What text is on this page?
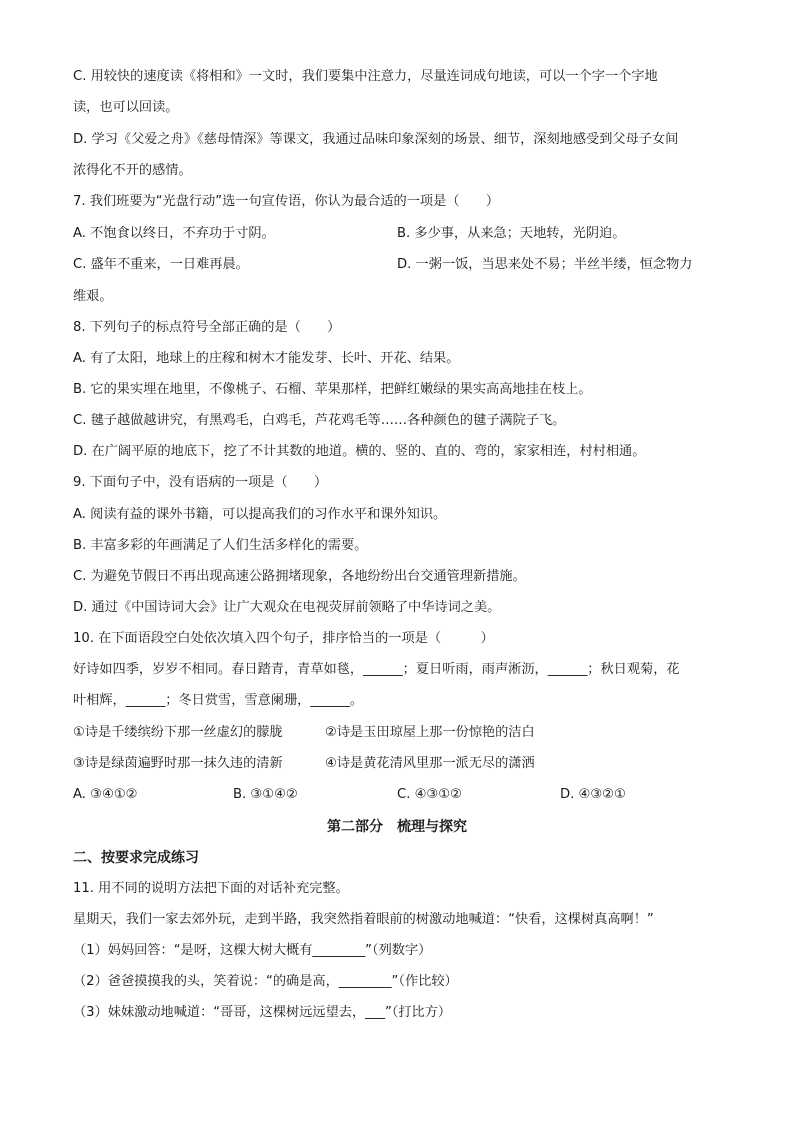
C. 用较快的速度读《将相和》一文时，我们要集中注意力，尽量连词成句地读，可以一个字一个字地
读，也可以回读。
D. 学习《父爱之舟》《慈母情深》等课文，我通过品味印象深刻的场景、细节，深刻地感受到父母子女间
浓得化不开的感情。
7. 我们班要为“光盘行动”选一句宣传语，你认为最合适的一项是（　　）
A. 不饱食以终日，不弃功于寸阴。	B. 多少事，从来急；天地转，光阴迫。
C. 盛年不重来，一日难再晨。	D. 一粥一饭，当思来处不易；半丝半缕，恒念物力
维艰。
8. 下列句子的标点符号全部正确的是（　　）
A. 有了太阳，地球上的庄稼和树木才能发芽、长叶、开花、结果。
B. 它的果实埋在地里，不像桃子、石榴、苹果那样，把鲜红嫩绿的果实高高地挂在枝上。
C. 毽子越做越讲究，有黑鸡毛，白鸡毛，芦花鸡毛等……各种颜色的毽子满院子飞。
D. 在广阔平原的地底下，挖了不计其数的地道。横的、竖的、直的、弯的，家家相连，村村相通。
9. 下面句子中，没有语病的一项是（　　）
A. 阅读有益的课外书籍，可以提高我们的习作水平和课外知识。
B. 丰富多彩的年画满足了人们生活多样化的需要。
C. 为避免节假日不再出现高速公路拥堵现象，各地纷纷出台交通管理新措施。
D. 通过《中国诗词大会》让广大观众在电视荧屏前领略了中华诗词之美。
10. 在下面语段空白处依次填入四个句子，排序恰当的一项是（　　　）
好诗如四季，岁岁不相同。春日踏青，青草如毯，______；夏日听雨，雨声淅沥，______；秋日观菊，花
叶相辉，______；冬日赏雪，雪意阑珊，______。
①诗是千缕缤纷下那一丝虚幻的朦胧	②诗是玉田琼屋上那一份惊艳的洁白
③诗是绿茵遍野时那一抹久违的清新	④诗是黄花清风里那一派无尽的潇洒
A. ③④①②	B. ③①④②	C. ④③①②	D. ④③②①
第二部分　梳理与探究
二、按要求完成练习
11. 用不同的说明方法把下面的对话补充完整。
星期天，我们一家去郊外玩，走到半路，我突然指着眼前的树激动地喊道：“快看，这棵树真高啊！”
（1）妈妈回答：“是呀，这棵大树大概有________”（列数字）
（2）爸爸摸摸我的头，笑着说：“的确是高，________”（作比较）
（3）妹妹激动地喊道：“哥哥，这棵树远远望去，___”（打比方）
